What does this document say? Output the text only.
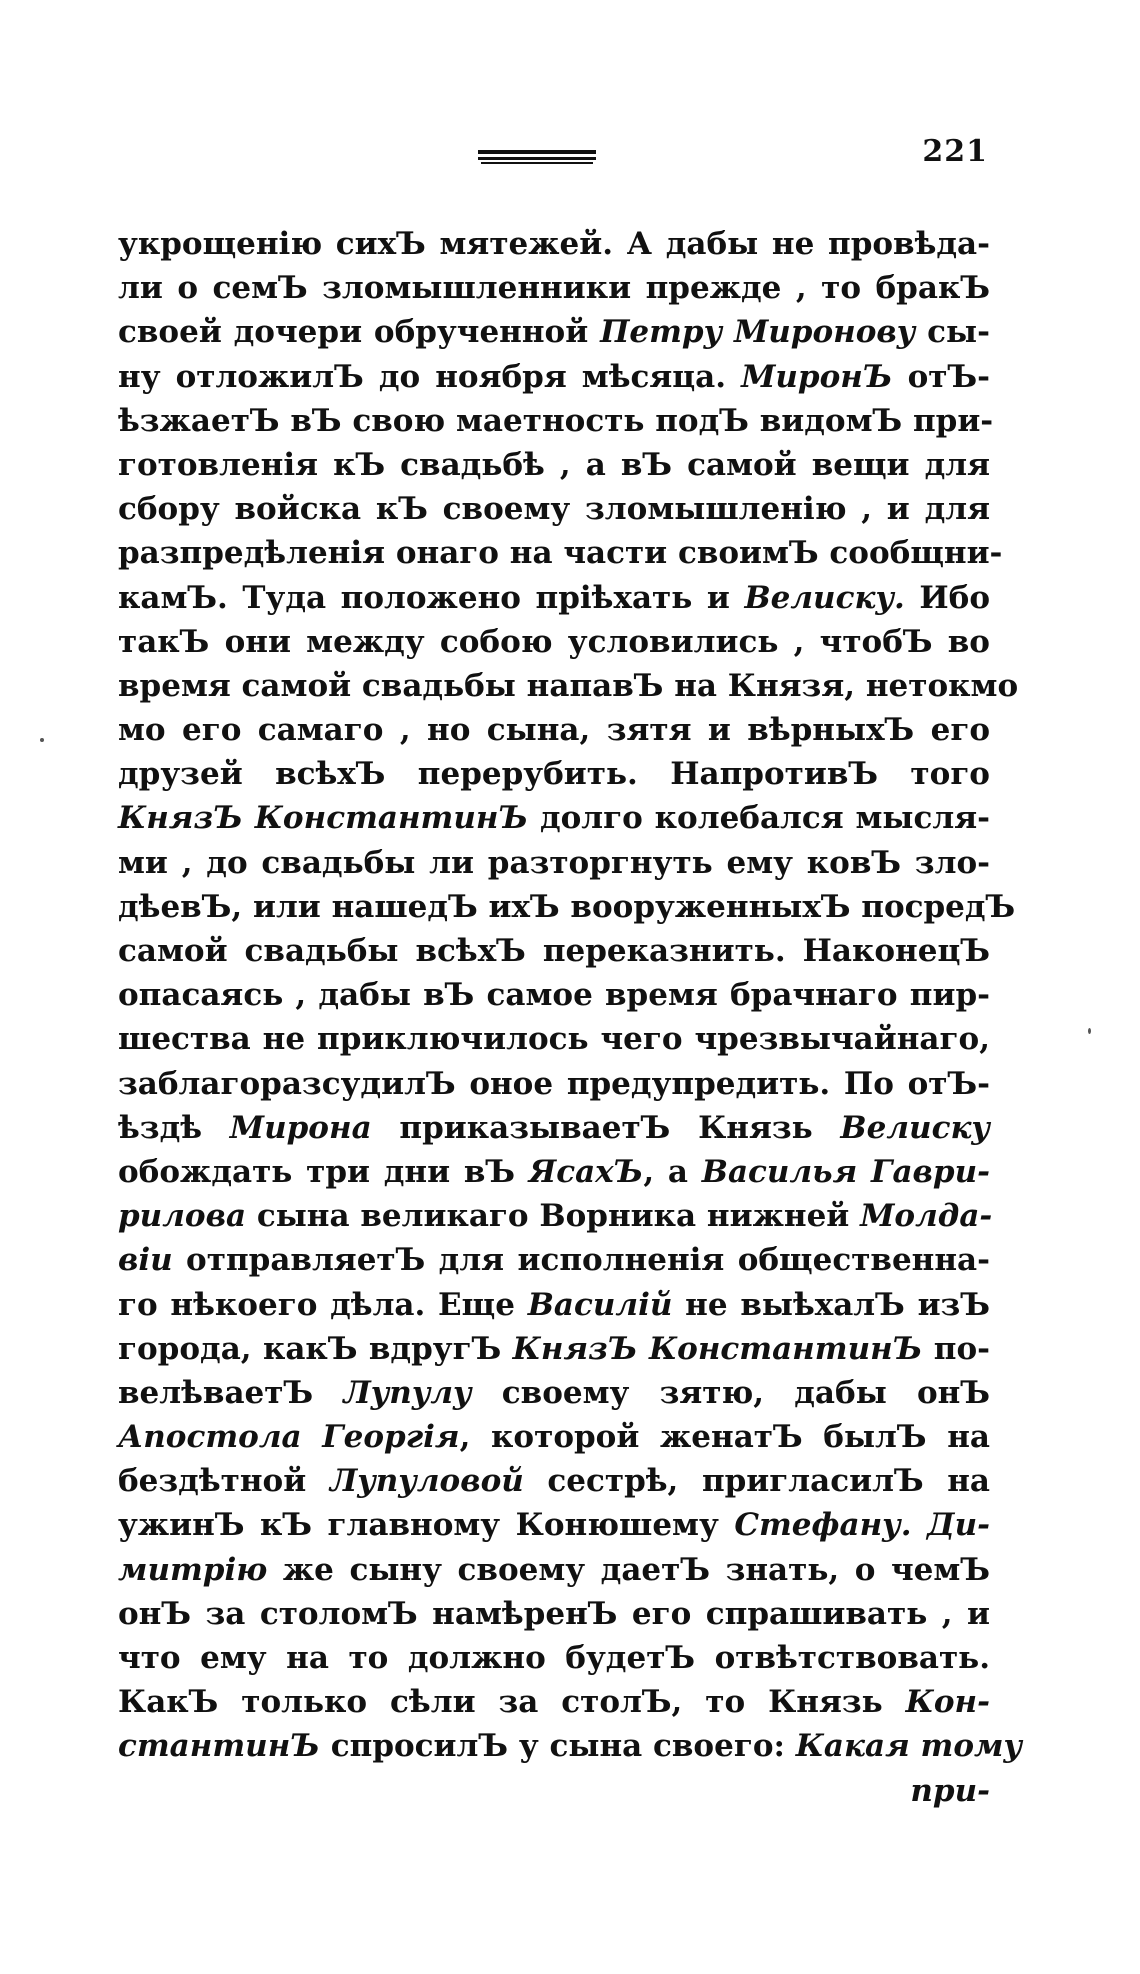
221
укрощенію сихЪ мятежей. А дабы не провѣда-
ли о семЪ зломышленники прежде , то бракЪ
своей дочери обрученной Петру Миронову сы-
ну отложилЪ до ноября мѣсяца. МиронЪ отЪ-
ѣзжаетЪ вЪ свою маетность подЪ видомЪ при-
готовленія кЪ свадьбѣ , а вЪ самой вещи для
сбору войска кЪ своему зломышленію , и для
разпредѣленія онаго на части своимЪ сообщни-
камЪ. Туда положено пріѣхать и Велиску. Ибо
такЪ они между собою условились , чтобЪ во
время самой свадьбы напавЪ на Князя, нетокмо
мо его самаго , но сына, зятя и вѣрныхЪ его
друзей всѣхЪ перерубить. НапротивЪ того
КнязЪ КонстантинЪ долго колебался мысля-
ми , до свадьбы ли разторгнуть ему ковЪ зло-
дѣевЪ, или нашедЪ ихЪ вооруженныхЪ посредЪ
самой свадьбы всѣхЪ переказнить. НаконецЪ
опасаясь , дабы вЪ самое время брачнаго пир-
шества не приключилось чего чрезвычайнаго,
заблагоразсудилЪ оное предупредить. По отЪ-
ѣздѣ Мирона приказываетЪ Князь Велиску
обождать три дни вЪ ЯсахЪ, а Василья Гаври-
рилова сына великаго Ворника нижней Молда-
віи отправляетЪ для исполненія общественна-
го нѣкоего дѣла. Еще Василій не выѣхалЪ изЪ
города, какЪ вдругЪ КнязЪ КонстантинЪ по-
велѣваетЪ Лупулу своему зятю, дабы онЪ
Апостола Георгія, которой женатЪ былЪ на
бездѣтной Лупуловой сестрѣ, пригласилЪ на
ужинЪ кЪ главному Конюшему Стефану. Ди-
митрію же сыну своему даетЪ знать, о чемЪ
онЪ за столомЪ намѣренЪ его спрашивать , и
что ему на то должно будетЪ отвѣтствовать.
КакЪ только сѣли за столЪ, то Князь Кон-
стантинЪ спросилЪ у сына своего: Какая тому
при-
